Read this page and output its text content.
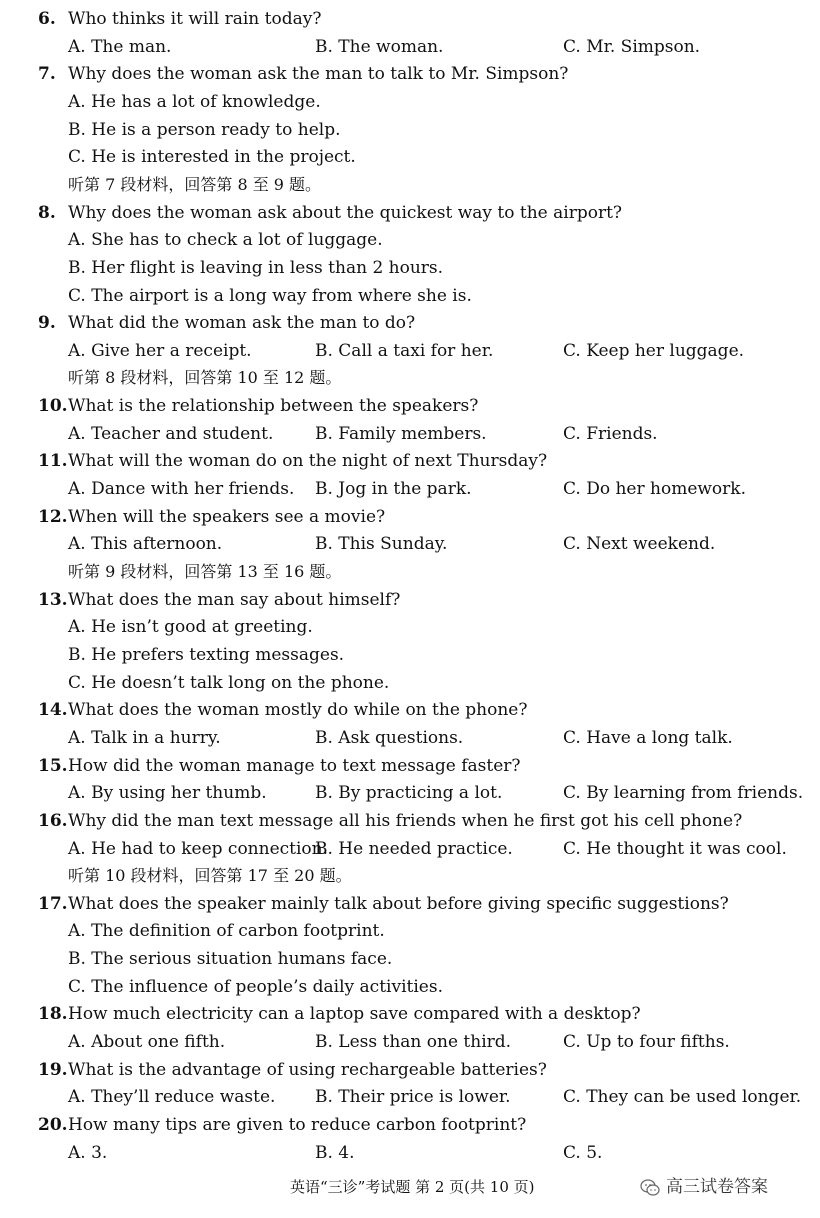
6. Who thinks it will rain today?
A. The man.	B. The woman.	C. Mr. Simpson.
7. Why does the woman ask the man to talk to Mr. Simpson?
A. He has a lot of knowledge.
B. He is a person ready to help.
C. He is interested in the project.
听第 7 段材料，回答第 8 至 9 题。
8. Why does the woman ask about the quickest way to the airport?
A. She has to check a lot of luggage.
B. Her flight is leaving in less than 2 hours.
C. The airport is a long way from where she is.
9. What did the woman ask the man to do?
A. Give her a receipt.	B. Call a taxi for her.	C. Keep her luggage.
听第 8 段材料，回答第 10 至 12 题。
10. What is the relationship between the speakers?
A. Teacher and student. B. Family members.	C. Friends.
11. What will the woman do on the night of next Thursday?
A. Dance with her friends. B. Jog in the park.	C. Do her homework.
12. When will the speakers see a movie?
A. This afternoon.	B. This Sunday.	C. Next weekend.
听第 9 段材料，回答第 13 至 16 题。
13. What does the man say about himself?
A. He isn’t good at greeting.
B. He prefers texting messages.
C. He doesn’t talk long on the phone.
14. What does the woman mostly do while on the phone?
A. Talk in a hurry.	B. Ask questions.	C. Have a long talk.
15. How did the woman manage to text message faster?
A. By using her thumb.	B. By practicing a lot.	C. By learning from friends.
16. Why did the man text message all his friends when he first got his cell phone?
A. He had to keep connection.
B. He needed practice.	C. He thought it was cool.
听第 10 段材料，回答第 17 至 20 题。
17. What does the speaker mainly talk about before giving specific suggestions?
A. The definition of carbon footprint.
B. The serious situation humans face.
C. The influence of people’s daily activities.
18. How much electricity can a laptop save compared with a desktop?
A. About one fifth.	B. Less than one third.	C. Up to four fifths.
19. What is the advantage of using rechargeable batteries?
A. They’ll reduce waste. B. Their price is lower.	C. They can be used longer.
20. How many tips are given to reduce carbon footprint?
A. 3.	B. 4.	C. 5.
英语“三诊”考试题 第 2 页(共 10 页)	高三试卷答案
